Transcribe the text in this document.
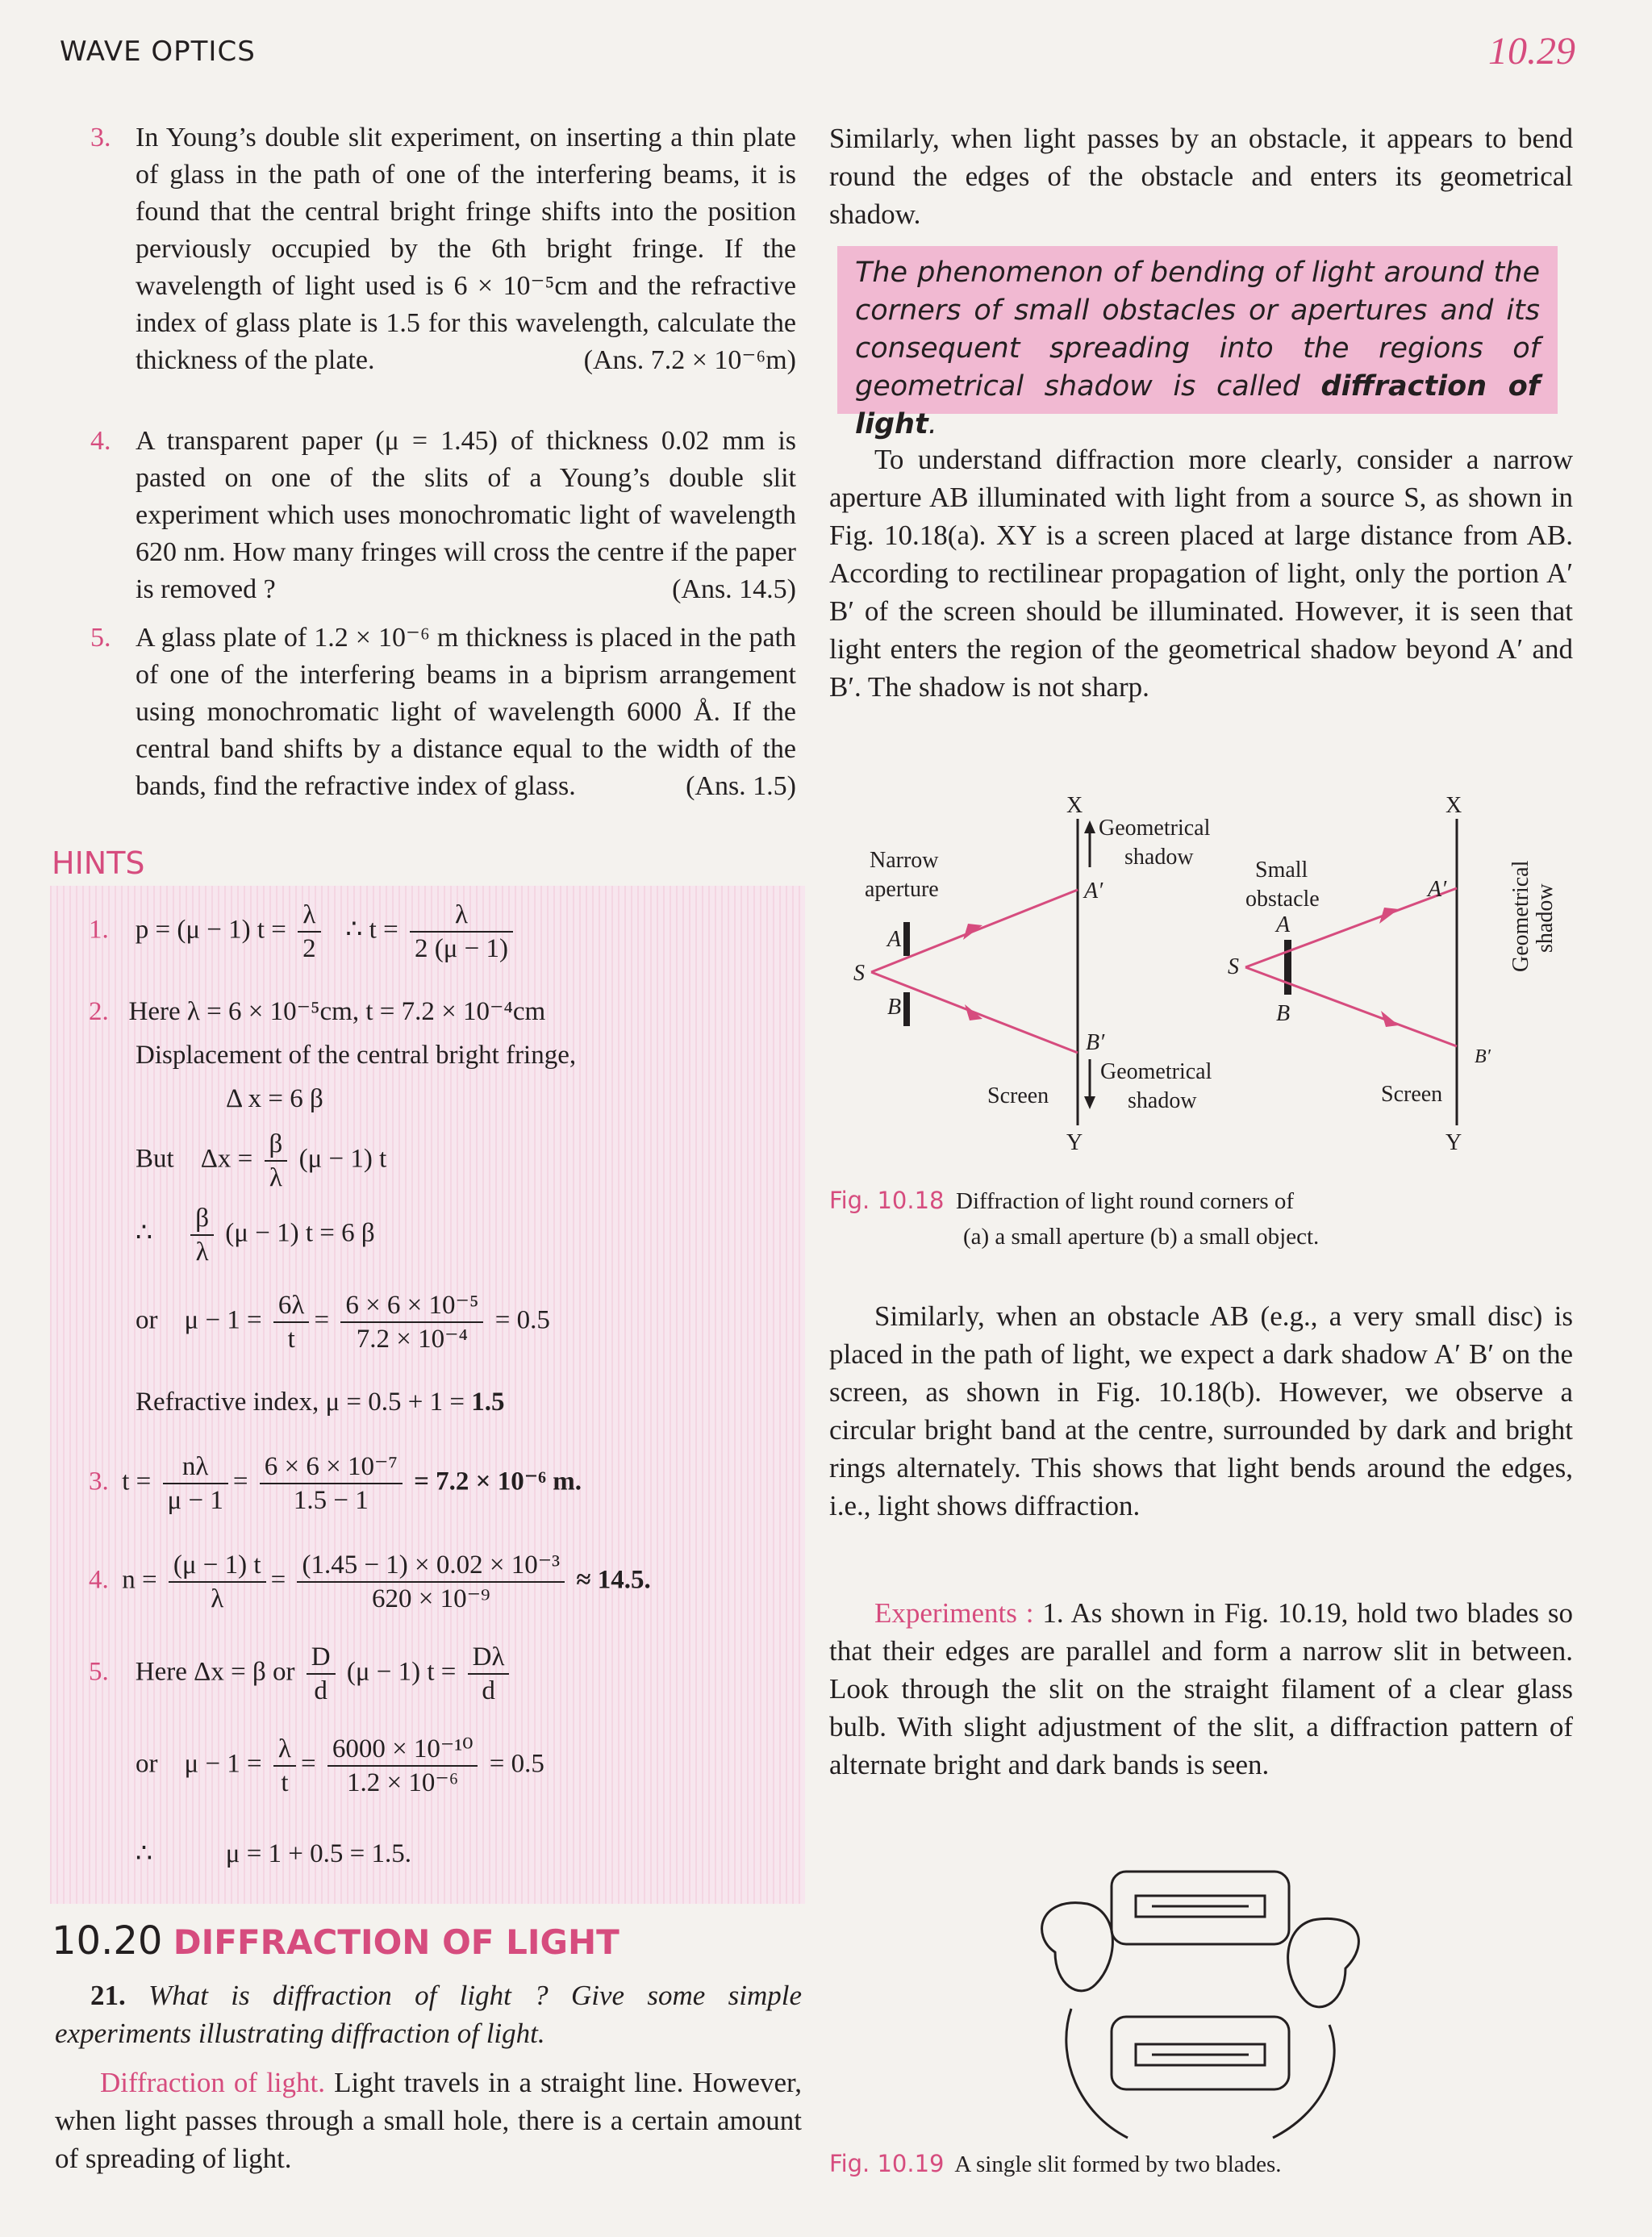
WAVE OPTICS	10.29
3. In Young’s double slit experiment, on inserting a thin plate of glass in the path of one of the interfering beams, it is found that the central bright fringe shifts into the position perviously occupied by the 6th bright fringe. If the wavelength of light used is 6 × 10⁻⁵cm and the refractive index of glass plate is 1.5 for this wavelength, calculate the thickness of the plate.	(Ans. 7.2 × 10⁻⁶m)
4. A transparent paper (μ = 1.45) of thickness 0.02 mm is pasted on one of the slits of a Young’s double slit experiment which uses monochromatic light of wavelength 620 nm. How many fringes will cross the centre if the paper is removed ?	(Ans. 14.5)
5. A glass plate of 1.2 × 10⁻⁶ m thickness is placed in the path of one of the interfering beams in a biprism arrangement using monochromatic light of wavelength 6000 Å. If the central band shifts by a distance equal to the width of the bands, find the refractive index of glass.	(Ans. 1.5)
HINTS
1. p = (μ − 1) $t = \frac{\lambda}{2}$ ∴ $t = \frac{\lambda}{2 (\mu - 1)}$
2. Here λ = 6 × 10⁻⁵cm, t = 7.2 × 10⁻⁴cm
Displacement of the central bright fringe,
Δ x = 6 β
But $\Delta x = \frac{\beta}{\lambda} (\mu - 1)$ t
∴ $\frac{\beta}{\lambda} (\mu - 1) t = 6$ β
or $\mu - 1 = \frac{6\lambda}{t} = \frac{\text{6 × 6 × 10⁻⁵}}{\text{7.2 × 10⁻⁴}} = 0.5$
Refractive index, μ = 0.5 + 1 = 1.5
3. $t = \frac{n\lambda}{\mu - 1} = \frac{\text{6 × 6 × 10⁻⁷}}{1.5 - 1} = 7.2 \times 10^{-6}$ m.
4. $n = \frac{(\mu - 1) t}{\lambda} = \frac{\text{(1.45 − 1) × 0.02 × 10⁻³}}{\text{620 × 10⁻⁹}} \approx 14.5$.
5. Here Δx = β or $\frac{D}{d} (\mu - 1) t = \frac{D\lambda}{d}$
or $\mu - 1 = \frac{\lambda}{t} = \frac{\text{6000 × 10⁻¹⁰}}{\text{1.2 × 10⁻⁶}} = 0.5$
∴	μ = 1 + 0.5 = 1.5.
10.20 DIFFRACTION OF LIGHT
21. What is diffraction of light ? Give some simple experiments illustrating diffraction of light.
Diffraction of light. Light travels in a straight line. However, when light passes through a small hole, there is a certain amount of spreading of light.
Similarly, when light passes by an obstacle, it appears to bend round the edges of the obstacle and enters its geometrical shadow.
The phenomenon of bending of light around the corners of small obstacles or apertures and its consequent spreading into the regions of geometrical shadow is called diffraction of light.
To understand diffraction more clearly, consider a narrow aperture AB illuminated with light from a source S, as shown in Fig. 10.18(a). XY is a screen placed at large distance from AB. According to rectilinear propagation of light, only the portion A′ B′ of the screen should be illuminated. However, it is seen that light enters the region of the geometrical shadow beyond A′ and B′. The shadow is not sharp.
X
Y
Geometrical
shadow
Narrow
aperture	A′
A
S
B
B′
Geometrical
shadow
Screen
X
Y
Small
obstacle
A
B
S
A′
B′
Screen
Geometrical shadow
Fig. 10.18 Diffraction of light round corners of
(a) a small aperture (b) a small object.
Similarly, when an obstacle AB (e.g., a very small disc) is placed in the path of light, we expect a dark shadow A′ B′ on the screen, as shown in Fig. 10.18(b). However, we observe a circular bright band at the centre, surrounded by dark and bright rings alternately. This shows that light bends around the edges, i.e., light shows diffraction.
Experiments : 1. As shown in Fig. 10.19, hold two blades so that their edges are parallel and form a narrow slit in between. Look through the slit on the straight filament of a clear glass bulb. With slight adjustment of the slit, a diffraction pattern of alternate bright and dark bands is seen.
Fig. 10.19 A single slit formed by two blades.
